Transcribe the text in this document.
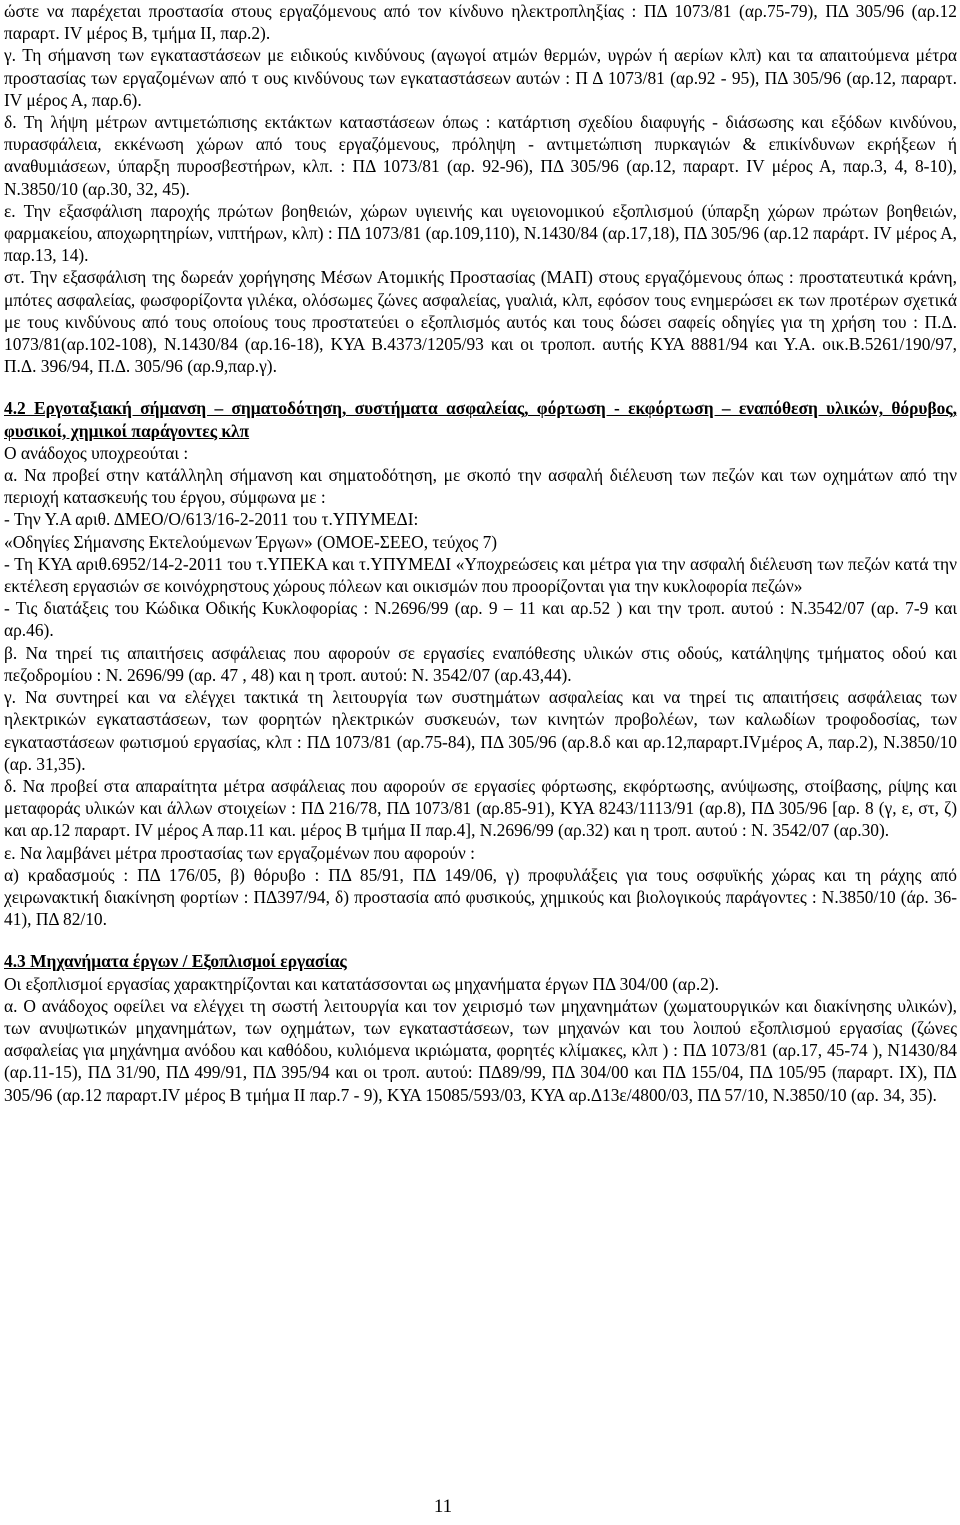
ώστε να παρέχεται προστασία στους εργαζόμενους από τον κίνδυνο ηλεκτροπληξίας : ΠΔ 1073/81 (αρ.75-79), ΠΔ 305/96 (αρ.12 παραρτ. IV μέρος Β, τμήμα ΙΙ, παρ.2).

γ. Τη σήμανση των εγκαταστάσεων με ειδικούς κινδύνους (αγωγοί ατμών θερμών, υγρών ή αερίων κλπ) και τα απαιτούμενα μέτρα προστασίας των εργαζομένων από τ ους κινδύνους των εγκαταστάσεων αυτών : Π Δ 1073/81 (αρ.92 - 95), ΠΔ 305/96 (αρ.12, παραρτ. IV μέρος Α, παρ.6).

δ. Τη λήψη μέτρων αντιμετώπισης εκτάκτων καταστάσεων όπως : κατάρτιση σχεδίου διαφυγής - διάσωσης και εξόδων κινδύνου, πυρασφάλεια, εκκένωση χώρων από τους εργαζόμενους, πρόληψη - αντιμετώπιση πυρκαγιών & επικίνδυνων εκρήξεων ή αναθυμιάσεων, ύπαρξη πυροσβεστήρων, κλπ. : ΠΔ 1073/81 (αρ. 92-96), ΠΔ 305/96 (αρ.12, παραρτ. IV μέρος Α, παρ.3, 4, 8-10), Ν.3850/10 (αρ.30, 32, 45).

ε. Την εξασφάλιση παροχής πρώτων βοηθειών, χώρων υγιεινής και υγειονομικού εξοπλισμού (ύπαρξη χώρων πρώτων βοηθειών, φαρμακείου, αποχωρητηρίων, νιπτήρων, κλπ) : ΠΔ 1073/81 (αρ.109,110), Ν.1430/84 (αρ.17,18), ΠΔ 305/96 (αρ.12 παράρτ. IV μέρος Α, παρ.13, 14).

στ. Την εξασφάλιση της δωρεάν χορήγησης Μέσων Ατομικής Προστασίας (ΜΑΠ) στους εργαζόμενους όπως : προστατευτικά κράνη, μπότες ασφαλείας, φωσφορίζοντα γιλέκα, ολόσωμες ζώνες ασφαλείας, γυαλιά, κλπ, εφόσον τους ενημερώσει εκ των προτέρων σχετικά με τους κινδύνους από τους οποίους τους προστατεύει ο εξοπλισμός αυτός και τους δώσει σαφείς οδηγίες για τη χρήση του : Π.Δ. 1073/81(αρ.102-108), Ν.1430/84 (αρ.16-18), ΚΥΑ Β.4373/1205/93 και οι τροποπ. αυτής ΚΥΑ 8881/94 και Υ.Α. οικ.Β.5261/190/97, Π.Δ. 396/94, Π.Δ. 305/96 (αρ.9,παρ.γ).

4.2 Εργοταξιακή σήμανση – σηματοδότηση, συστήματα ασφαλείας, φόρτωση - εκφόρτωση – εναπόθεση υλικών, θόρυβος, φυσικοί, χημικοί παράγοντες κλπ

Ο ανάδοχος υποχρεούται :

α. Να προβεί στην κατάλληλη σήμανση και σηματοδότηση, με σκοπό την ασφαλή διέλευση των πεζών και των οχημάτων από την περιοχή κατασκευής του έργου, σύμφωνα με :

- Την Υ.Α αριθ. ΔΜΕΟ/Ο/613/16-2-2011 του τ.ΥΠΥΜΕΔΙ:

«Οδηγίες Σήμανσης Εκτελούμενων Έργων» (ΟΜΟΕ-ΣΕΕΟ, τεύχος 7)

- Τη ΚΥΑ αριθ.6952/14-2-2011 του τ.ΥΠΕΚΑ και τ.ΥΠΥΜΕΔΙ «Υποχρεώσεις και μέτρα για την ασφαλή διέλευση των πεζών κατά την εκτέλεση εργασιών σε κοινόχρηστους χώρους πόλεων και οικισμών που προορίζονται για την κυκλοφορία πεζών»

- Τις διατάξεις του Κώδικα Οδικής Κυκλοφορίας : Ν.2696/99 (αρ. 9 – 11 και αρ.52 ) και την τροπ. αυτού : Ν.3542/07 (αρ. 7-9 και αρ.46).

β. Να τηρεί τις απαιτήσεις ασφάλειας που αφορούν σε εργασίες εναπόθεσης υλικών στις οδούς, κατάληψης τμήματος οδού και πεζοδρομίου : Ν. 2696/99 (αρ. 47 , 48) και η τροπ. αυτού: Ν. 3542/07 (αρ.43,44).

γ. Να συντηρεί και να ελέγχει τακτικά τη λειτουργία των συστημάτων ασφαλείας και να τηρεί τις απαιτήσεις ασφάλειας των ηλεκτρικών εγκαταστάσεων, των φορητών ηλεκτρικών συσκευών, των κινητών προβολέων, των καλωδίων τροφοδοσίας, των εγκαταστάσεων φωτισμού εργασίας, κλπ : ΠΔ 1073/81 (αρ.75-84), ΠΔ 305/96 (αρ.8.δ και αρ.12,παραρτ.IVμέρος Α, παρ.2), Ν.3850/10 (αρ. 31,35).

δ. Να προβεί στα απαραίτητα μέτρα ασφάλειας που αφορούν σε εργασίες φόρτωσης, εκφόρτωσης, ανύψωσης, στοίβασης, ρίψης και μεταφοράς υλικών και άλλων στοιχείων : ΠΔ 216/78, ΠΔ 1073/81 (αρ.85-91), ΚΥΑ 8243/1113/91 (αρ.8), ΠΔ 305/96 [αρ. 8 (γ, ε, στ, ζ) και αρ.12 παραρτ. IV μέρος Α παρ.11 και. μέρος Β τμήμα ΙΙ παρ.4], Ν.2696/99 (αρ.32) και η τροπ. αυτού : Ν. 3542/07 (αρ.30).

ε. Να λαμβάνει μέτρα προστασίας των εργαζομένων που αφορούν :

α) κραδασμούς : ΠΔ 176/05, β) θόρυβο : ΠΔ 85/91, ΠΔ 149/06, γ) προφυλάξεις για τους οσφυϊκής χώρας και τη ράχης από χειρωνακτική διακίνηση φορτίων : ΠΔ397/94, δ) προστασία από φυσικούς, χημικούς και βιολογικούς παράγοντες : Ν.3850/10 (άρ. 36-41), ΠΔ 82/10.

4.3 Μηχανήματα έργων / Εξοπλισμοί εργασίας

Οι εξοπλισμοί εργασίας χαρακτηρίζονται και κατατάσσονται ως μηχανήματα έργων ΠΔ 304/00 (αρ.2).

α. Ο ανάδοχος οφείλει να ελέγχει τη σωστή λειτουργία και τον χειρισμό των μηχανημάτων (χωματουργικών και διακίνησης υλικών), των ανυψωτικών μηχανημάτων, των οχημάτων, των εγκαταστάσεων, των μηχανών και του λοιπού εξοπλισμού εργασίας (ζώνες ασφαλείας για μηχάνημα ανόδου και καθόδου, κυλιόμενα ικριώματα, φορητές κλίμακες, κλπ ) : ΠΔ 1073/81 (αρ.17, 45-74 ), Ν1430/84 (αρ.11-15), ΠΔ 31/90, ΠΔ 499/91, ΠΔ 395/94 και οι τροπ. αυτού: ΠΔ89/99, ΠΔ 304/00 και ΠΔ 155/04, ΠΔ 105/95 (παραρτ. IX), ΠΔ 305/96 (αρ.12 παραρτ.IV μέρος Β τμήμα ΙΙ παρ.7 - 9), ΚΥΑ 15085/593/03, ΚΥΑ αρ.Δ13ε/4800/03, ΠΔ 57/10, Ν.3850/10 (αρ. 34, 35).

11
